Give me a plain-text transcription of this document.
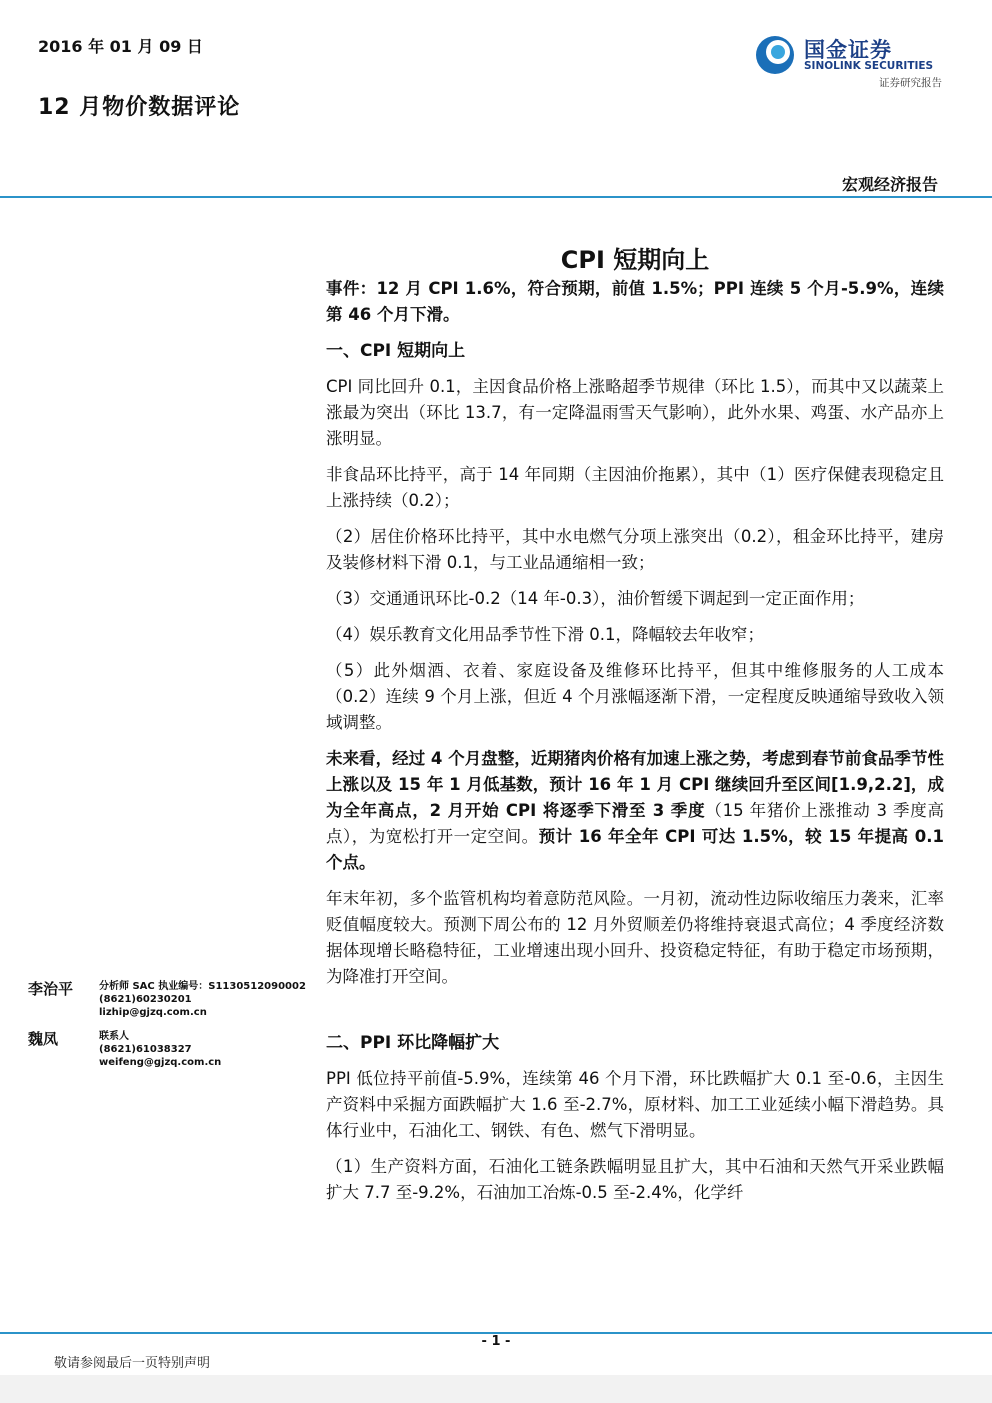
2016 年 01 月 09 日
12 月物价数据评论
国金证券
SINOLINK SECURITIES
证券研究报告
宏观经济报告
CPI 短期向上

事件：12 月 CPI 1.6%，符合预期，前值 1.5%；PPI 连续 5 个月-5.9%，连续第 46 个月下滑。

一、CPI 短期向上

CPI 同比回升 0.1，主因食品价格上涨略超季节规律（环比 1.5），而其中又以蔬菜上涨最为突出（环比 13.7，有一定降温雨雪天气影响），此外水果、鸡蛋、水产品亦上涨明显。

非食品环比持平，高于 14 年同期（主因油价拖累），其中（1）医疗保健表现稳定且上涨持续（0.2）；

（2）居住价格环比持平，其中水电燃气分项上涨突出（0.2），租金环比持平，建房及装修材料下滑 0.1，与工业品通缩相一致；

（3）交通通讯环比-0.2（14 年-0.3），油价暂缓下调起到一定正面作用；

（4）娱乐教育文化用品季节性下滑 0.1，降幅较去年收窄；

（5）此外烟酒、衣着、家庭设备及维修环比持平，但其中维修服务的人工成本（0.2）连续 9 个月上涨，但近 4 个月涨幅逐渐下滑，一定程度反映通缩导致收入领域调整。

未来看，经过 4 个月盘整，近期猪肉价格有加速上涨之势，考虑到春节前食品季节性上涨以及 15 年 1 月低基数，预计 16 年 1 月 CPI 继续回升至区间[1.9,2.2]，成为全年高点，2 月开始 CPI 将逐季下滑至 3 季度（15 年猪价上涨推动 3 季度高点），为宽松打开一定空间。预计 16 年全年 CPI 可达 1.5%，较 15 年提高 0.1 个点。

年末年初，多个监管机构均着意防范风险。一月初，流动性边际收缩压力袭来，汇率贬值幅度较大。预测下周公布的 12 月外贸顺差仍将维持衰退式高位；4 季度经济数据体现增长略稳特征，工业增速出现小回升、投资稳定特征，有助于稳定市场预期，为降准打开空间。

二、PPI 环比降幅扩大

PPI 低位持平前值-5.9%，连续第 46 个月下滑，环比跌幅扩大 0.1 至-0.6，主因生产资料中采掘方面跌幅扩大 1.6 至-2.7%，原材料、加工工业延续小幅下滑趋势。具体行业中，石油化工、钢铁、有色、燃气下滑明显。

（1）生产资料方面，石油化工链条跌幅明显且扩大，其中石油和天然气开采业跌幅扩大 7.7 至-9.2%，石油加工冶炼-0.5 至-2.4%，化学纤

李治平	分析师 SAC 执业编号：S1130512090002
(8621)60230201
lizhip@gjzq.com.cn
魏凤	联系人
(8621)61038327
weifeng@gjzq.com.cn
- 1 -
敬请参阅最后一页特别声明
